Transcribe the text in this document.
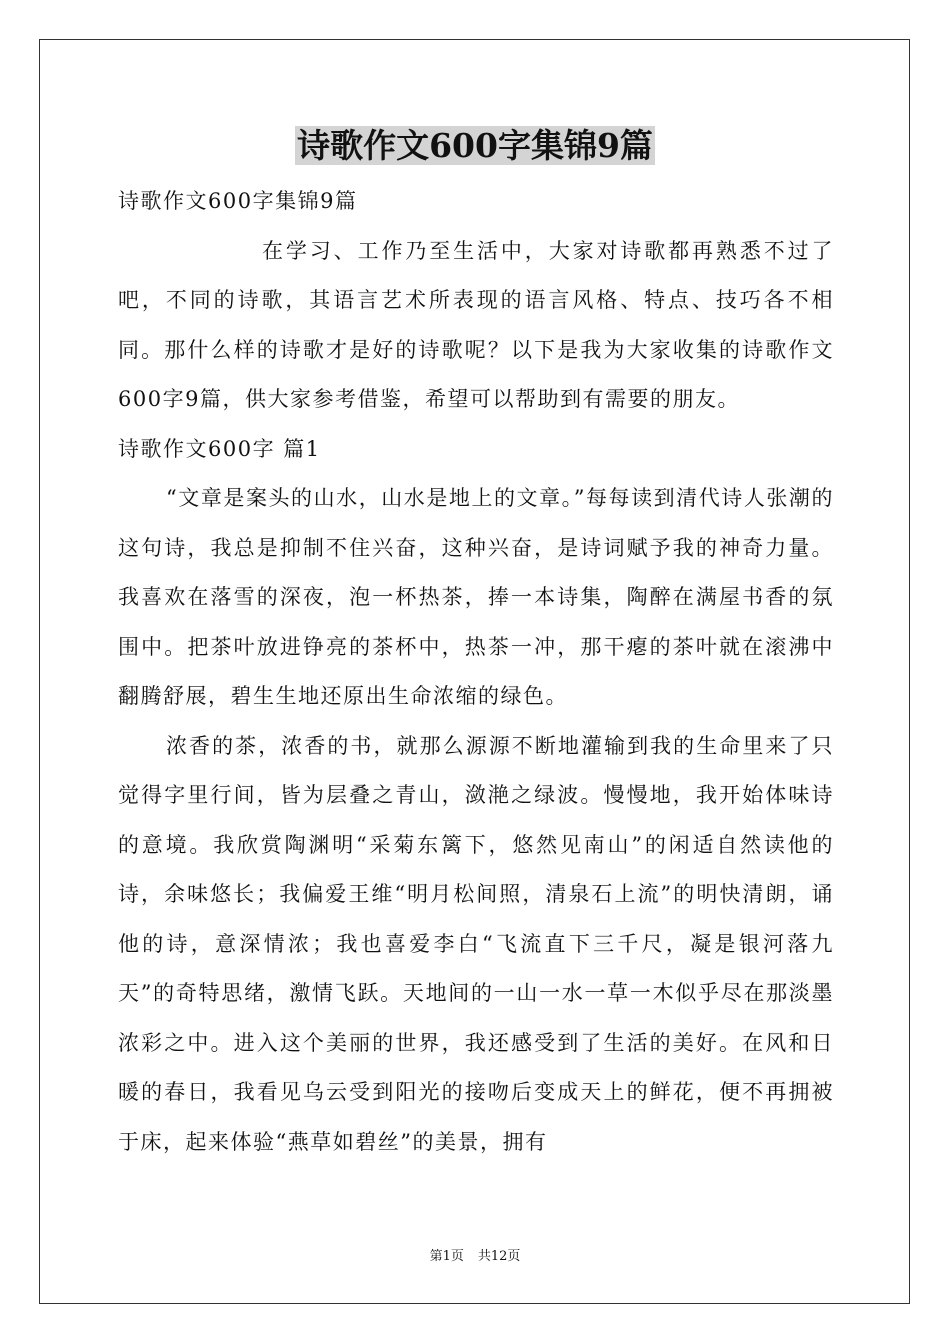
诗歌作文600字集锦9篇

诗歌作文600字集锦9篇

在学习、工作乃至生活中，大家对诗歌都再熟悉不过了吧，不同的诗歌，其语言艺术所表现的语言风格、特点、技巧各不相同。那什么样的诗歌才是好的诗歌呢？以下是我为大家收集的诗歌作文600字9篇，供大家参考借鉴，希望可以帮助到有需要的朋友。

诗歌作文600字 篇1

“文章是案头的山水，山水是地上的文章。”每每读到清代诗人张潮的这句诗，我总是抑制不住兴奋，这种兴奋，是诗词赋予我的神奇力量。我喜欢在落雪的深夜，泡一杯热茶，捧一本诗集，陶醉在满屋书香的氛围中。把茶叶放进铮亮的茶杯中，热茶一冲，那干瘪的茶叶就在滚沸中翻腾舒展，碧生生地还原出生命浓缩的绿色。

浓香的茶，浓香的书，就那么源源不断地灌输到我的生命里来了只觉得字里行间，皆为层叠之青山，潋滟之绿波。慢慢地，我开始体味诗的意境。我欣赏陶渊明“采菊东篱下，悠然见南山”的闲适自然读他的诗，余味悠长；我偏爱王维“明月松间照，清泉石上流”的明快清朗，诵他的诗，意深情浓；我也喜爱李白“飞流直下三千尺，凝是银河落九天”的奇特思绪，激情飞跃。天地间的一山一水一草一木似乎尽在那淡墨浓彩之中。进入这个美丽的世界，我还感受到了生活的美好。在风和日暖的春日，我看见乌云受到阳光的接吻后变成天上的鲜花，便不再拥被于床，起来体验“燕草如碧丝”的美景，拥有

第1页 共12页
